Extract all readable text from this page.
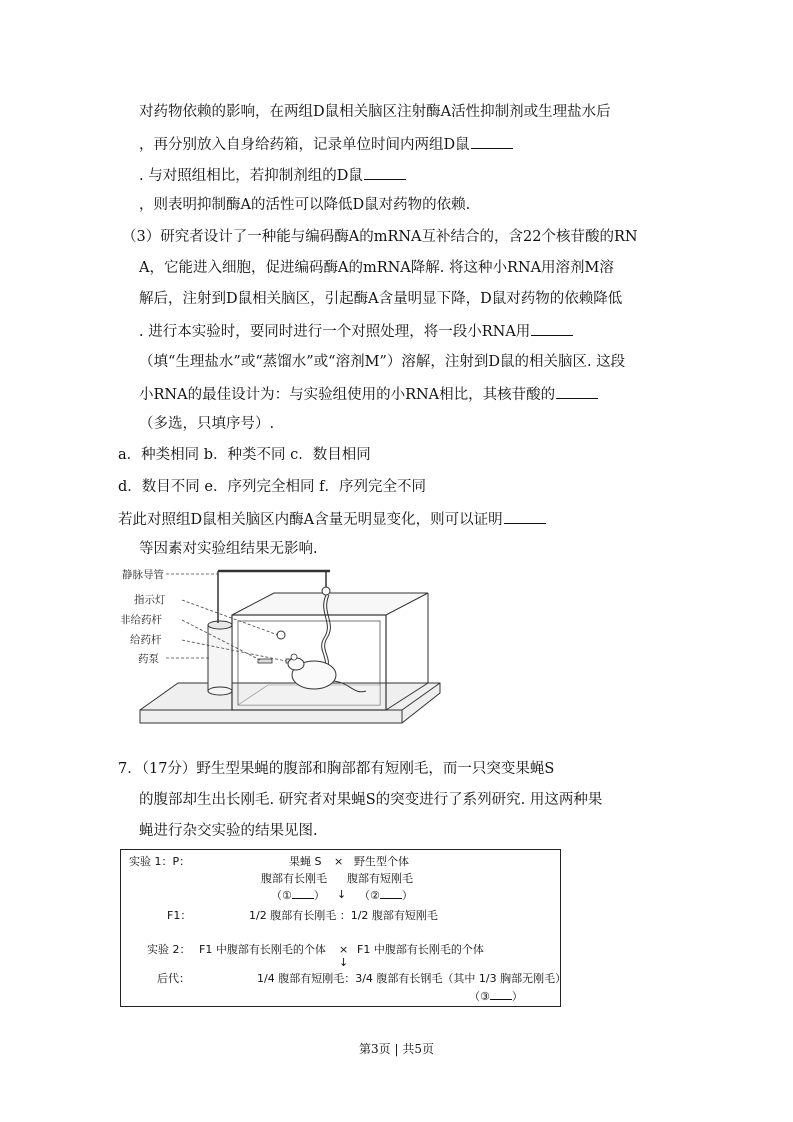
对药物依赖的影响，在两组D鼠相关脑区注射酶A活性抑制剂或生理盐水后
，再分别放入自身给药箱，记录单位时间内两组D鼠
. 与对照组相比，若抑制剂组的D鼠
，则表明抑制酶A的活性可以降低D鼠对药物的依赖.
（3）研究者设计了一种能与编码酶A的mRNA互补结合的，含22个核苷酸的RN
A，它能进入细胞，促进编码酶A的mRNA降解. 将这种小RNA用溶剂M溶
解后，注射到D鼠相关脑区，引起酶A含量明显下降，D鼠对药物的依赖降低
. 进行本实验时，要同时进行一个对照处理，将一段小RNA用
（填“生理盐水”或“蒸馏水”或“溶剂M”）溶解，注射到D鼠的相关脑区. 这段
小RNA的最佳设计为：与实验组使用的小RNA相比，其核苷酸的
（多选，只填序号）.
a．种类相同 b．种类不同 c．数目相同
d．数目不同 e．序列完全相同 f．序列完全不同
若此对照组D鼠相关脑区内酶A含量无明显变化，则可以证明
等因素对实验组结果无影响.
静脉导管
指示灯
非给药杆
给药杆
药泵
7．（17分）野生型果蝇的腹部和胸部都有短刚毛，而一只突变果蝇S
的腹部却生出长刚毛. 研究者对果蝇S的突变进行了系列研究. 用这两种果
蝇进行杂交实验的结果见图.
实验 1：P：	果蝇 S × 野生型个体
腹部有长刚毛 腹部有短刚毛
（① ） ↓ （② ）
F1：	1/2 腹部有长刚毛 ：1/2 腹部有短刚毛
实验 2： F1 中腹部有长刚毛的个体 × F1 中腹部有长刚毛的个体
↓
后代：	1/4 腹部有短刚毛：3/4 腹部有长钢毛（其中 1/3 胸部无刚毛）
（③ ）
第3页 | 共5页
